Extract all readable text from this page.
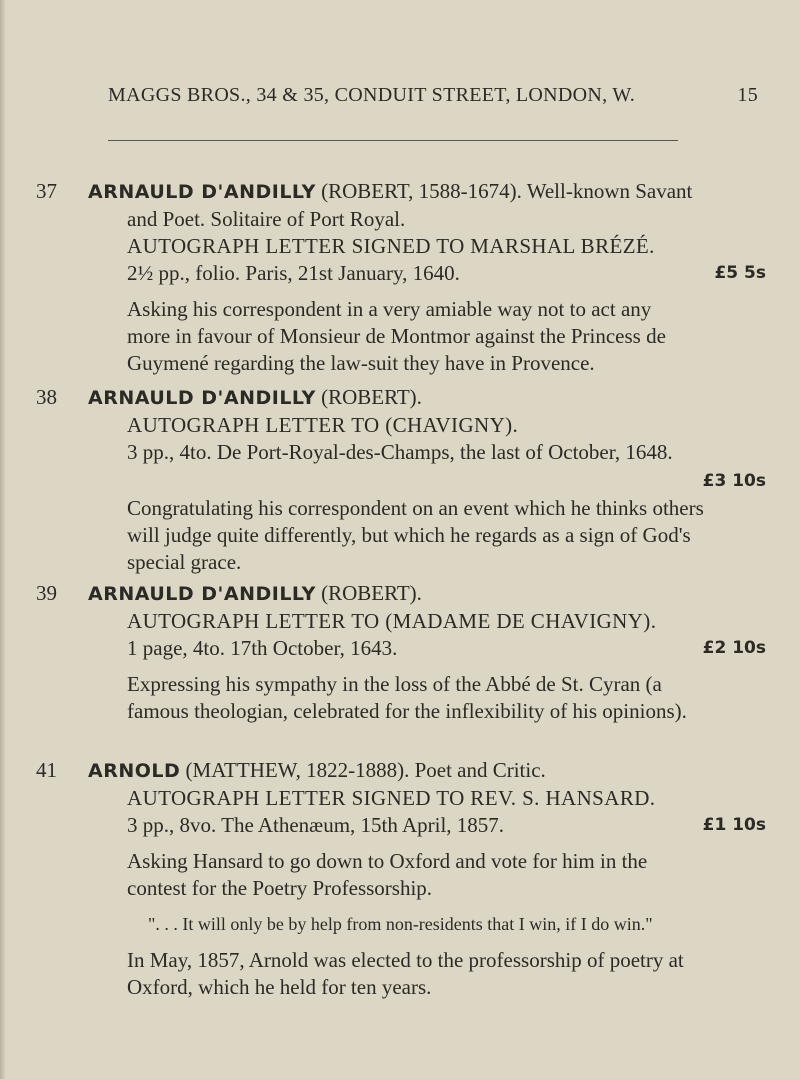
MAGGS BROS., 34 & 35, CONDUIT STREET, LONDON, W.	15
37	ARNAULD D'ANDILLY (ROBERT, 1588-1674). Well-known Savant
and Poet. Solitaire of Port Royal.
AUTOGRAPH LETTER SIGNED TO MARSHAL BRÉZÉ.
2½ pp., folio. Paris, 21st January, 1640.	£5 5s
Asking his correspondent in a very amiable way not to act any
more in favour of Monsieur de Montmor against the Princess de
Guymené regarding the law-suit they have in Provence.
38	ARNAULD D'ANDILLY (ROBERT).
AUTOGRAPH LETTER TO (CHAVIGNY).
3 pp., 4to. De Port-Royal-des-Champs, the last of October, 1648.
£3 10s
Congratulating his correspondent on an event which he thinks others
will judge quite differently, but which he regards as a sign of God's
special grace.
39	ARNAULD D'ANDILLY (ROBERT).
AUTOGRAPH LETTER TO (MADAME DE CHAVIGNY).
1 page, 4to. 17th October, 1643.	£2 10s
Expressing his sympathy in the loss of the Abbé de St. Cyran (a
famous theologian, celebrated for the inflexibility of his opinions).
41	ARNOLD (MATTHEW, 1822-1888). Poet and Critic.
AUTOGRAPH LETTER SIGNED TO REV. S. HANSARD.
3 pp., 8vo. The Athenæum, 15th April, 1857.	£1 10s
Asking Hansard to go down to Oxford and vote for him in the
contest for the Poetry Professorship.
". . . It will only be by help from non-residents that I win, if I do win."
In May, 1857, Arnold was elected to the professorship of poetry at
Oxford, which he held for ten years.
